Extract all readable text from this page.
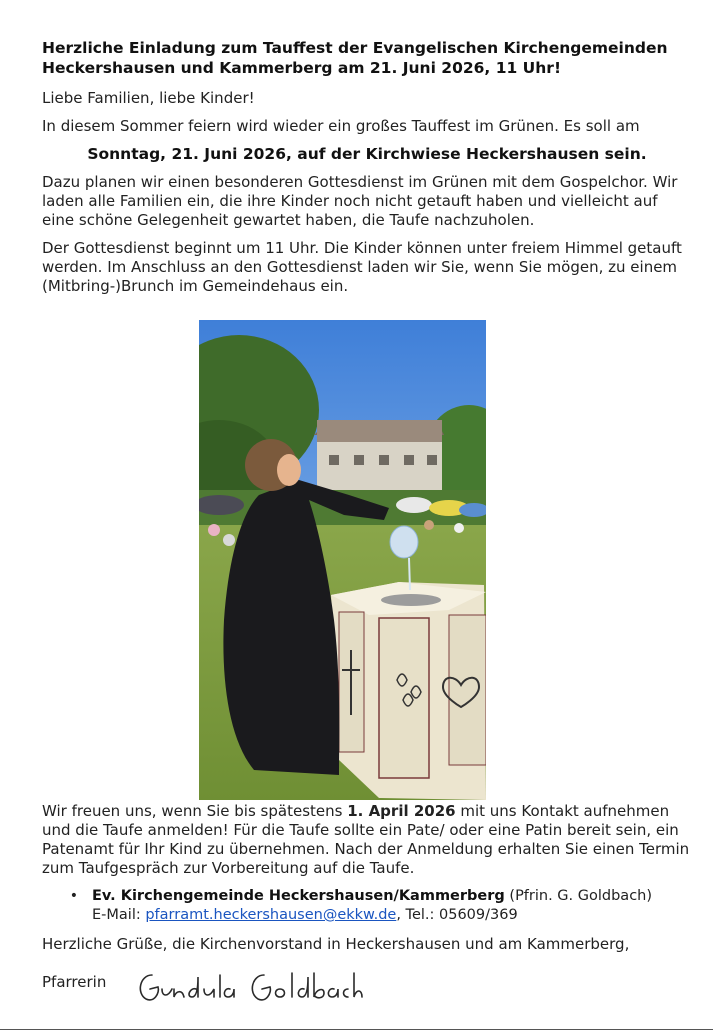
Herzliche Einladung zum Tauffest der Evangelischen Kirchengemeinden Heckershausen und Kammerberg am 21. Juni 2026, 11 Uhr!

Liebe Familien, liebe Kinder!

In diesem Sommer feiern wird wieder ein großes Tauffest im Grünen. Es soll am

Sonntag, 21. Juni 2026, auf der Kirchwiese Heckershausen sein.

Dazu planen wir einen besonderen Gottesdienst im Grünen mit dem Gospelchor. Wir laden alle Familien ein, die ihre Kinder noch nicht getauft haben und vielleicht auf eine schöne Gelegenheit gewartet haben, die Taufe nachzuholen.

Der Gottesdienst beginnt um 11 Uhr. Die Kinder können unter freiem Himmel getauft werden. Im Anschluss an den Gottesdienst laden wir Sie, wenn Sie mögen, zu einem (Mitbring-)Brunch im Gemeindehaus ein.

Wir freuen uns, wenn Sie bis spätestens 1. April 2026 mit uns Kontakt aufnehmen und die Taufe anmelden! Für die Taufe sollte ein Pate/ oder eine Patin bereit sein, ein Patenamt für Ihr Kind zu übernehmen. Nach der Anmeldung erhalten Sie einen Termin zum Taufgespräch zur Vorbereitung auf die Taufe.

• Ev. Kirchengemeinde Heckershausen/Kammerberg (Pfrin. G. Goldbach)
E-Mail: pfarramt.heckershausen@ekkw.de, Tel.: 05609/369

Herzliche Grüße, die Kirchenvorstand in Heckershausen und am Kammerberg,

Pfarrerin
